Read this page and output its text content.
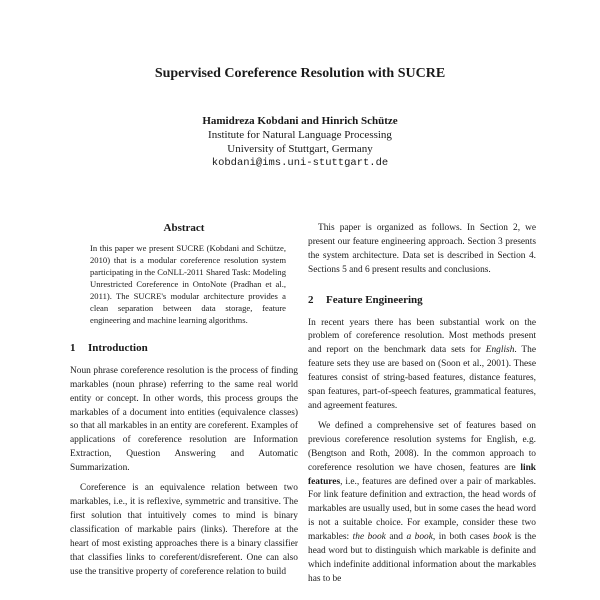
Supervised Coreference Resolution with SUCRE
Hamidreza Kobdani and Hinrich Schütze
Institute for Natural Language Processing
University of Stuttgart, Germany
kobdani@ims.uni-stuttgart.de
Abstract

In this paper we present SUCRE (Kobdani and Schütze, 2010) that is a modular coreference resolution system participating in the CoNLL-2011 Shared Task: Modeling Unrestricted Coreference in OntoNote (Pradhan et al., 2011). The SUCRE's modular architecture provides a clean separation between data storage, feature engineering and machine learning algorithms.

1 Introduction

Noun phrase coreference resolution is the process of finding markables (noun phrase) referring to the same real world entity or concept. In other words, this process groups the markables of a document into entities (equivalence classes) so that all markables in an entity are coreferent. Examples of applications of coreference resolution are Information Extraction, Question Answering and Automatic Summarization.

Coreference is an equivalence relation between two markables, i.e., it is reflexive, symmetric and transitive. The first solution that intuitively comes to mind is binary classification of markable pairs (links). Therefore at the heart of most existing approaches there is a binary classifier that classifies links to coreferent/disreferent. One can also use the transitive property of coreference relation to build

This paper is organized as follows. In Section 2, we present our feature engineering approach. Section 3 presents the system architecture. Data set is described in Section 4. Sections 5 and 6 present results and conclusions.

2 Feature Engineering

In recent years there has been substantial work on the problem of coreference resolution. Most methods present and report on the benchmark data sets for English. The feature sets they use are based on (Soon et al., 2001). These features consist of string-based features, distance features, span features, part-of-speech features, grammatical features, and agreement features.

We defined a comprehensive set of features based on previous coreference resolution systems for English, e.g. (Bengtson and Roth, 2008). In the common approach to coreference resolution we have chosen, features are link features, i.e., features are defined over a pair of markables. For link feature definition and extraction, the head words of markables are usually used, but in some cases the head word is not a suitable choice. For example, consider these two markables: the book and a book, in both cases book is the head word but to distinguish which markable is definite and which indefinite additional information about the markables has to be
